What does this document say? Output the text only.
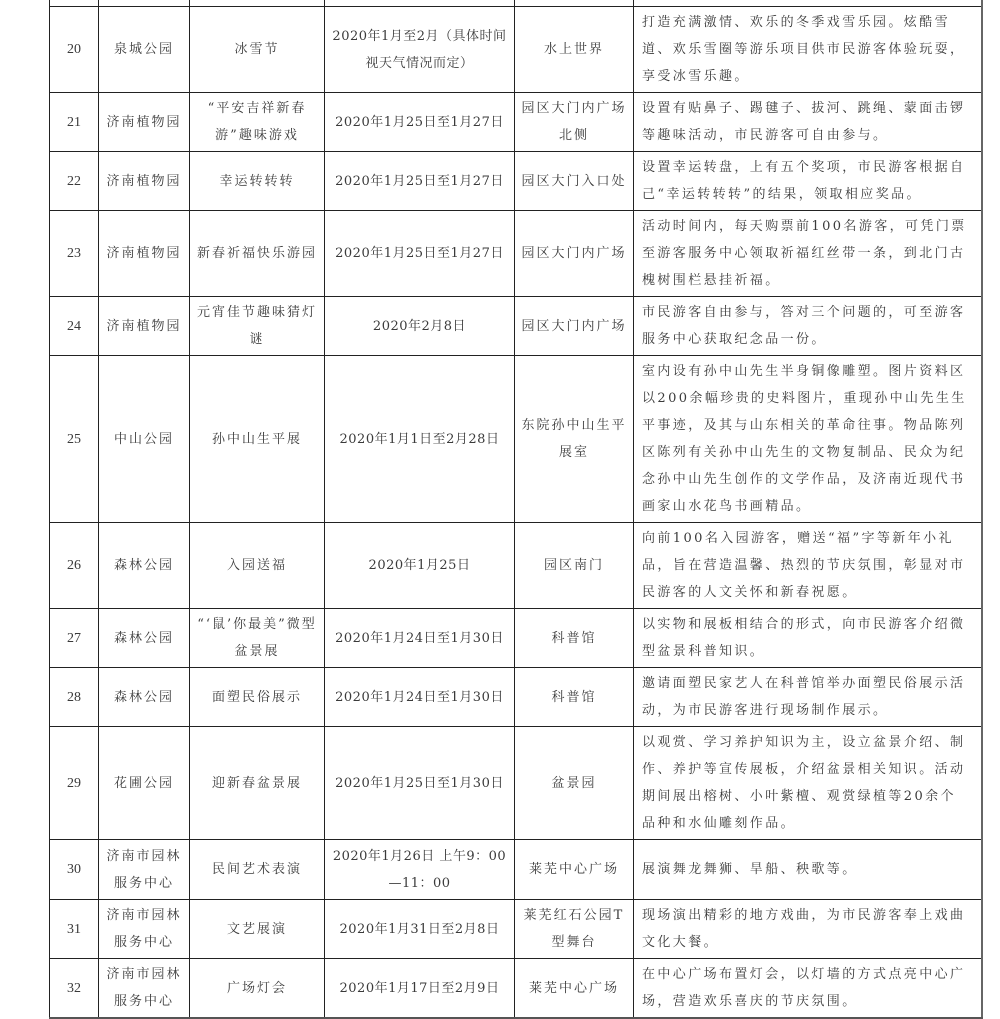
20	泉城公园	冰雪节	2020年1月至2月（具体时间视天气情况而定）	水上世界	打造充满激情、欢乐的冬季戏雪乐园。炫酷雪道、欢乐雪圈等游乐项目供市民游客体验玩耍，享受冰雪乐趣。
21	济南植物园	“平安吉祥新春游”趣味游戏	2020年1月25日至1月27日	园区大门内广场北侧	设置有贴鼻子、踢毽子、拔河、跳绳、蒙面击锣等趣味活动，市民游客可自由参与。
22	济南植物园	幸运转转转	2020年1月25日至1月27日	园区大门入口处	设置幸运转盘，上有五个奖项，市民游客根据自己“幸运转转转”的结果，领取相应奖品。
23	济南植物园	新春祈福快乐游园	2020年1月25日至1月27日	园区大门内广场	活动时间内，每天购票前100名游客，可凭门票至游客服务中心领取祈福红丝带一条，到北门古槐树围栏悬挂祈福。
24	济南植物园	元宵佳节趣味猜灯谜	2020年2月8日	园区大门内广场	市民游客自由参与，答对三个问题的，可至游客服务中心获取纪念品一份。
25	中山公园	孙中山生平展	2020年1月1日至2月28日	东院孙中山生平展室	室内设有孙中山先生半身铜像雕塑。图片资料区以200余幅珍贵的史料图片，重现孙中山先生生平事迹，及其与山东相关的革命往事。物品陈列区陈列有关孙中山先生的文物复制品、民众为纪念孙中山先生创作的文学作品，及济南近现代书画家山水花鸟书画精品。
26	森林公园	入园送福	2020年1月25日	园区南门	向前100名入园游客，赠送“福”字等新年小礼品，旨在营造温馨、热烈的节庆氛围，彰显对市民游客的人文关怀和新春祝愿。
27	森林公园	“‘鼠’你最美”微型盆景展	2020年1月24日至1月30日	科普馆	以实物和展板相结合的形式，向市民游客介绍微型盆景科普知识。
28	森林公园	面塑民俗展示	2020年1月24日至1月30日	科普馆	邀请面塑民家艺人在科普馆举办面塑民俗展示活动，为市民游客进行现场制作展示。
29	花圃公园	迎新春盆景展	2020年1月25日至1月30日	盆景园	以观赏、学习养护知识为主，设立盆景介绍、制作、养护等宣传展板，介绍盆景相关知识。活动期间展出榕树、小叶紫檀、观赏绿植等20余个品种和水仙雕刻作品。
30	济南市园林服务中心	民间艺术表演	2020年1月26日 上午9：00—11：00	莱芜中心广场	展演舞龙舞狮、旱船、秧歌等。
31	济南市园林服务中心	文艺展演	2020年1月31日至2月8日	莱芜红石公园T型舞台	现场演出精彩的地方戏曲，为市民游客奉上戏曲文化大餐。
32	济南市园林服务中心	广场灯会	2020年1月17日至2月9日	莱芜中心广场	在中心广场布置灯会，以灯墙的方式点亮中心广场，营造欢乐喜庆的节庆氛围。
